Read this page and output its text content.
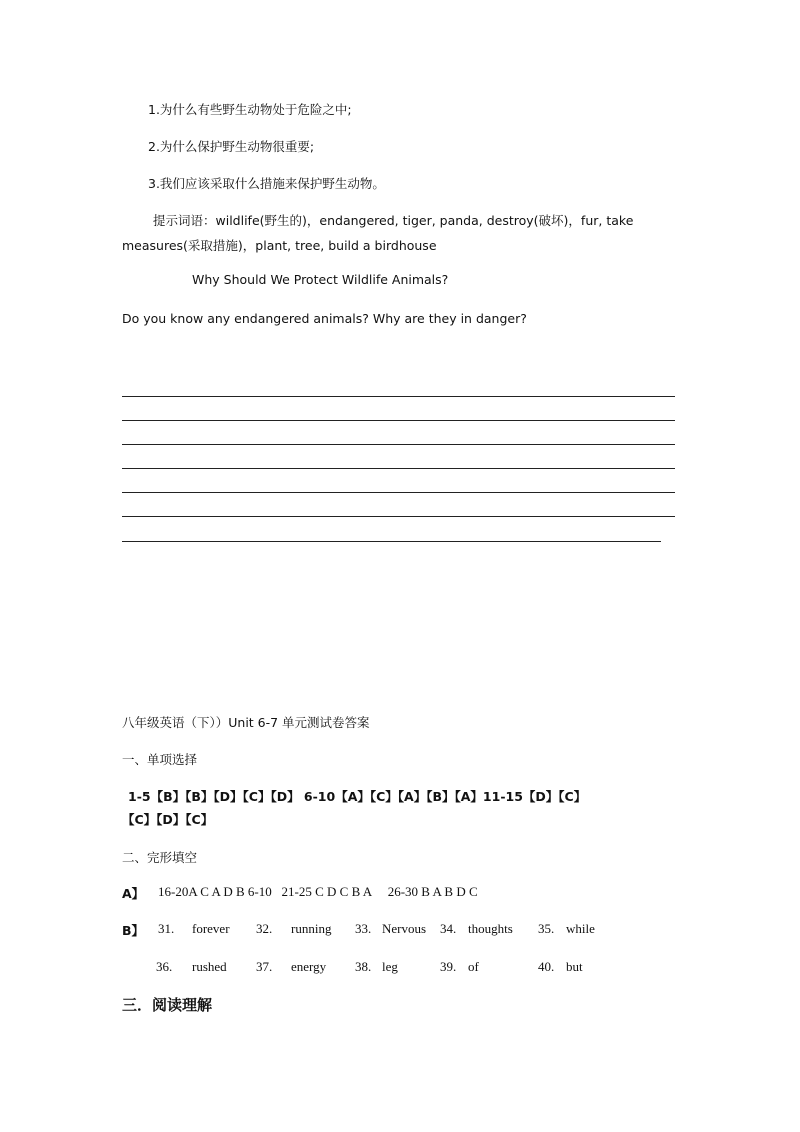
1.为什么有些野生动物处于危险之中;
2.为什么保护野生动物很重要;
3.我们应该采取什么措施来保护野生动物。
提示词语：wildlife(野生的)，endangered, tiger, panda, destroy(破坏)，fur, take
measures(采取措施)，plant, tree, build a birdhouse
Why Should We Protect Wildlife Animals?
Do you know any endangered animals? Why are they in danger?
八年级英语（下））Unit 6-7 单元测试卷答案
一、单项选择
1-5【B】【B】【D】【C】【D】 6-10【A】【C】【A】【B】【A】11-15【D】【C】
【C】【D】【C】
二、完形填空
A】 16-20A C A D B 6-10   21-25 C D C B A     26-30 B A B D C
B】 31. forever 32. running 33. Nervous 34. thoughts 35. while
36. rushed 37. energy 38. leg	39. of	40. but
三．阅读理解
